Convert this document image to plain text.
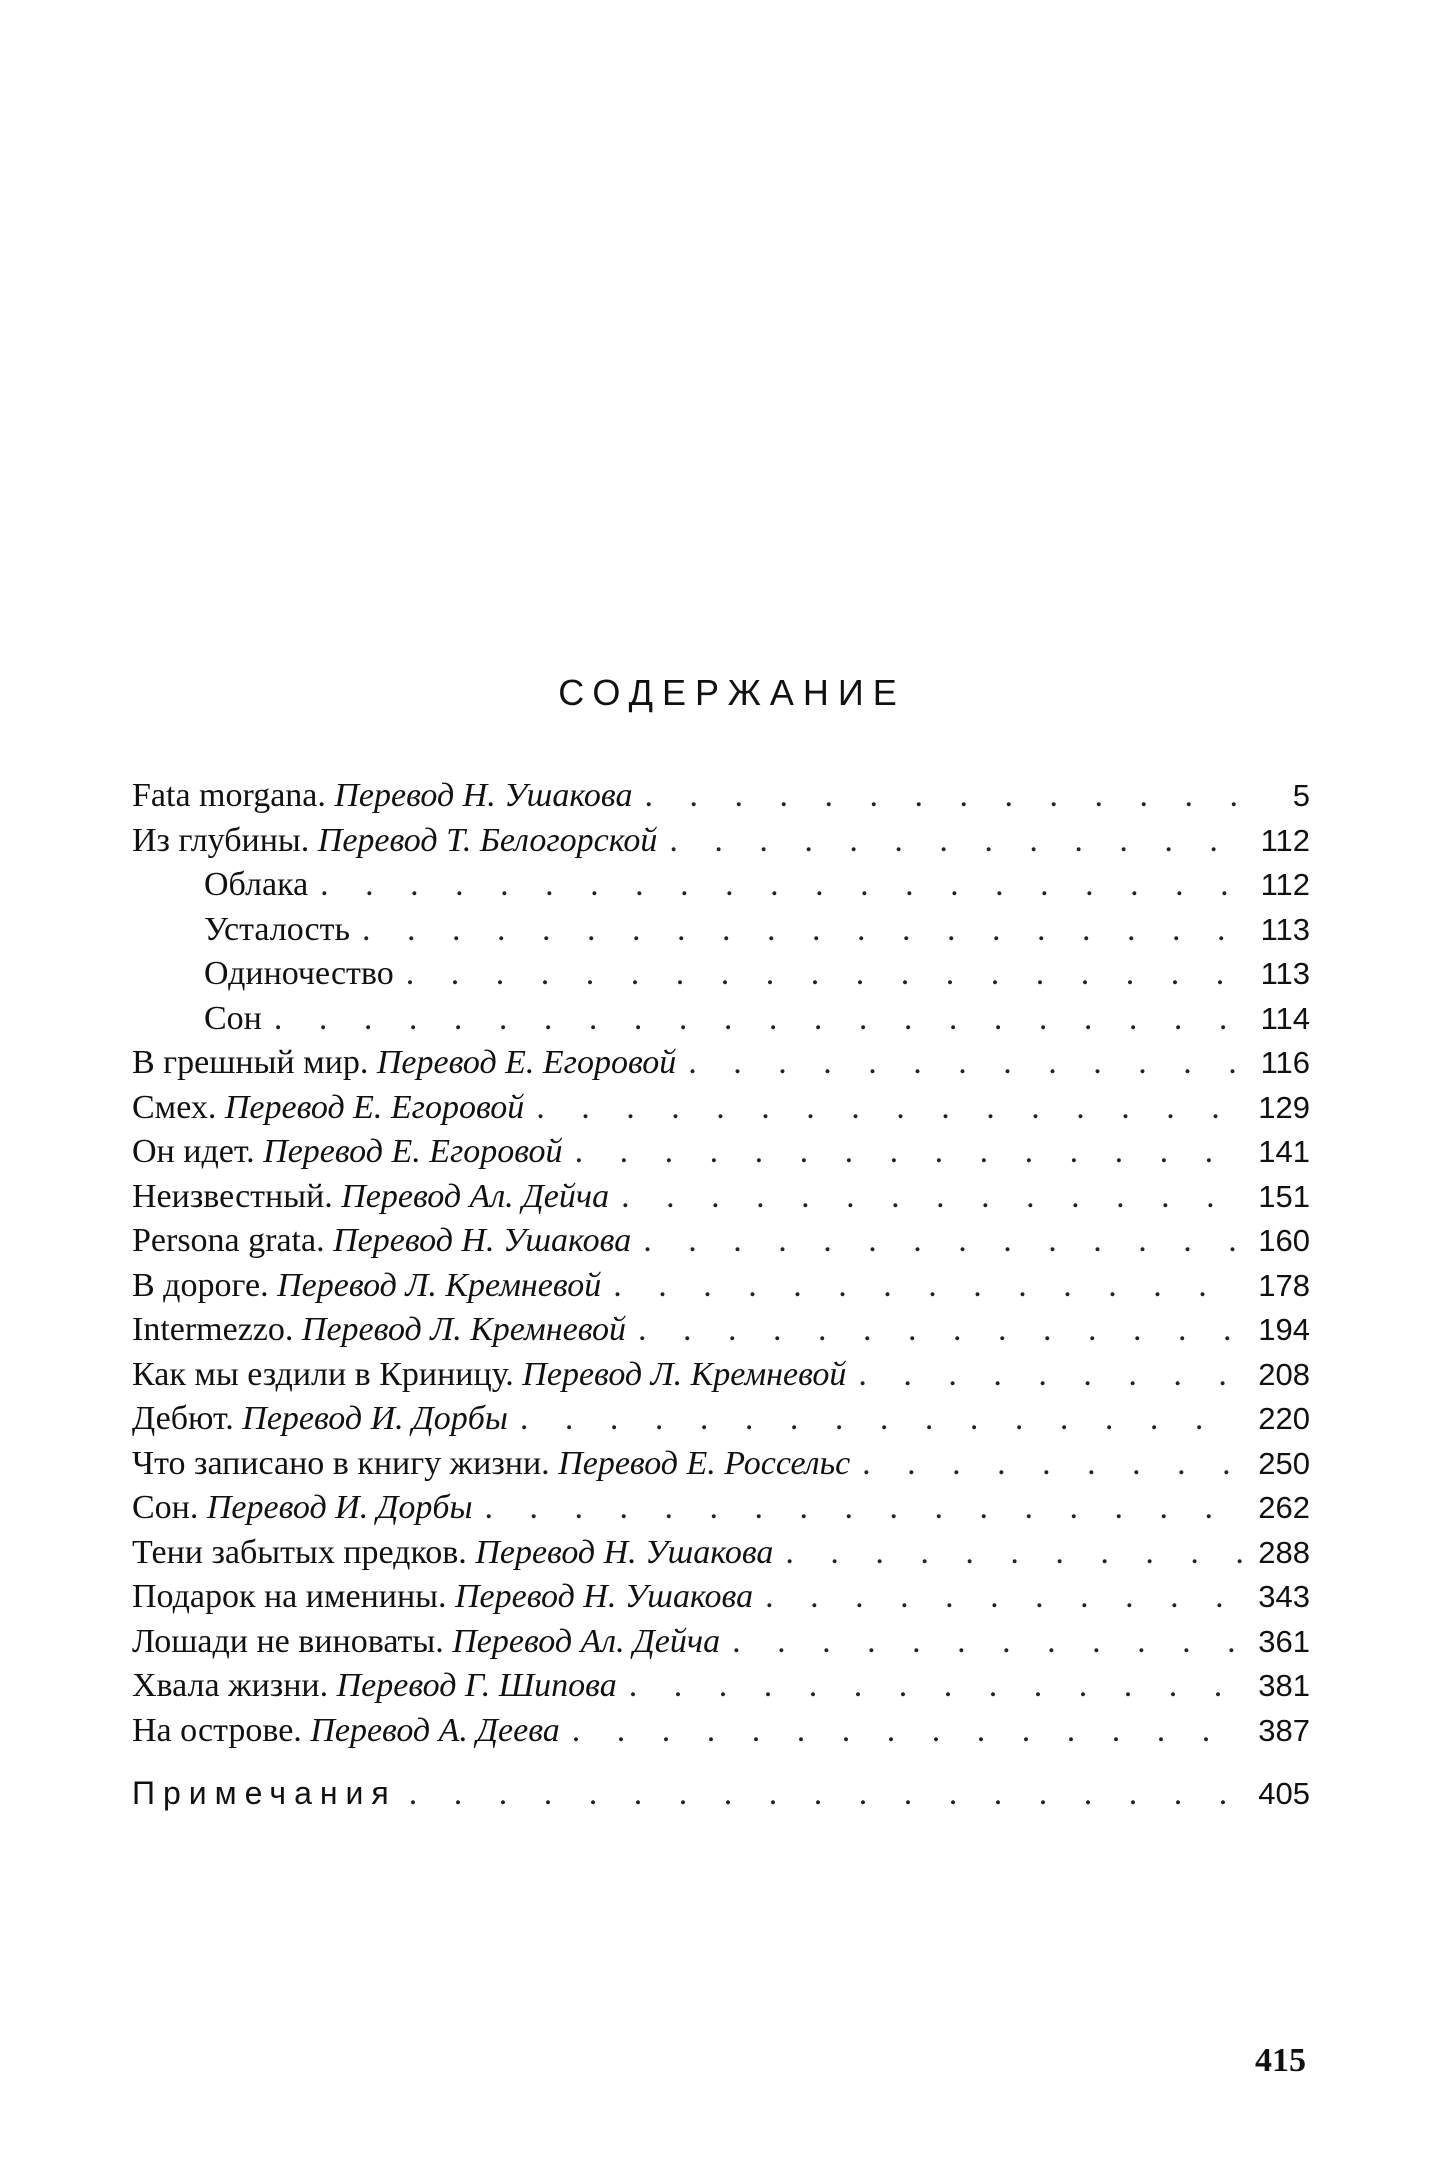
СОДЕРЖАНИЕ
Fata morgana. Перевод Н. Ушакова . . .	5
Из глубины. Перевод Т. Белогорской . . .	112
Облака . . .	112
Усталость . . .	113
Одиночество . . .	113
Сон . . .	114
В грешный мир. Перевод Е. Егоровой . . .	116
Смех. Перевод Е. Егоровой . . .	129
Он идет. Перевод Е. Егоровой . . .	141
Неизвестный. Перевод Ал. Дейча . . .	151
Persona grata. Перевод Н. Ушакова . . .	160
В дороге. Перевод Л. Кремневой . . .	178
Intermezzo. Перевод Л. Кремневой . . .	194
Как мы ездили в Криницу. Перевод Л. Кремневой . . .	208
Дебют. Перевод И. Дорбы . . .	220
Что записано в книгу жизни. Перевод Е. Россельс . . .	250
Сон. Перевод И. Дорбы . . .	262
Тени забытых предков. Перевод Н. Ушакова . . .	288
Подарок на именины. Перевод Н. Ушакова . . .	343
Лошади не виноваты. Перевод Ал. Дейча . . .	361
Хвала жизни. Перевод Г. Шипова . . .	381
На острове. Перевод А. Деева . . .	387
Примечания . . .	405
415
